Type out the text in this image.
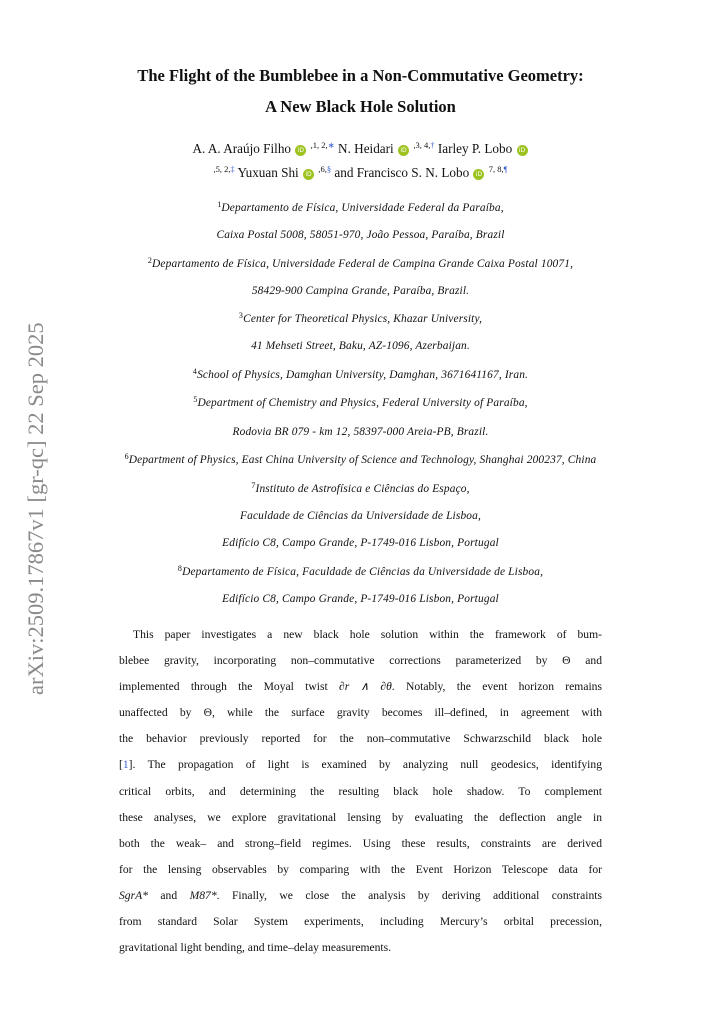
arXiv:2509.17867v1 [gr-qc] 22 Sep 2025
The Flight of the Bumblebee in a Non-Commutative Geometry:
A New Black Hole Solution
A. A. Araújo Filho iD $^{,1, 2,∗}$ N. Heidari iD $^{,3, 4,\dagger}$ Iarley P. Lobo iD
$^{,5, 2,\ddagger}$ Yuxuan Shi iD $^{,6,\S}$ and Francisco S. N. Lobo iD $^{7, 8,\P}$
$^1$Departamento de Física, Universidade Federal da Paraíba,
Caixa Postal 5008, 58051-970, João Pessoa, Paraíba, Brazil
$^2$Departamento de Física, Universidade Federal de Campina Grande Caixa Postal 10071,
58429-900 Campina Grande, Paraíba, Brazil.
$^3$Center for Theoretical Physics, Khazar University,
41 Mehseti Street, Baku, AZ-1096, Azerbaijan.
$^4$School of Physics, Damghan University, Damghan, 3671641167, Iran.
$^5$Department of Chemistry and Physics, Federal University of Paraíba,
Rodovia BR 079 - km 12, 58397-000 Areia-PB, Brazil.
$^6$Department of Physics, East China University of Science and Technology, Shanghai 200237, China
$^7$Instituto de Astrofísica e Ciências do Espaço,
Faculdade de Ciências da Universidade de Lisboa,
Edifício C8, Campo Grande, P-1749-016 Lisbon, Portugal
$^8$Departamento de Física, Faculdade de Ciências da Universidade de Lisboa,
Edifício C8, Campo Grande, P-1749-016 Lisbon, Portugal
This paper investigates a new black hole solution within the framework of bum-
blebee gravity, incorporating non–commutative corrections parameterized by Θ and
implemented through the Moyal twist ∂r ∧ ∂θ. Notably, the event horizon remains
unaffected by Θ, while the surface gravity becomes ill–defined, in agreement with
the behavior previously reported for the non–commutative Schwarzschild black hole
[1]. The propagation of light is examined by analyzing null geodesics, identifying
critical orbits, and determining the resulting black hole shadow. To complement
these analyses, we explore gravitational lensing by evaluating the deflection angle in
both the weak– and strong–field regimes. Using these results, constraints are derived
for the lensing observables by comparing with the Event Horizon Telescope data for
SgrA* and M87*. Finally, we close the analysis by deriving additional constraints
from standard Solar System experiments, including Mercury’s orbital precession,
gravitational light bending, and time–delay measurements.
